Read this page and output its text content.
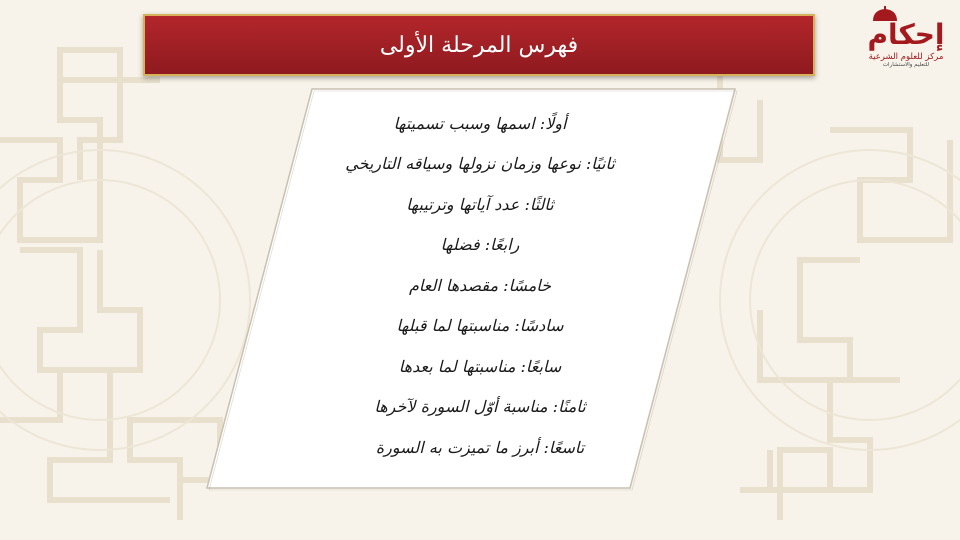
فهرس المرحلة الأولى
أولًا: اسمها وسبب تسميتها
ثانيًا: نوعها وزمان نزولها وسياقه التاريخي
ثالثًا: عدد آياتها وترتيبها
رابعًا: فضلها
خامسًا: مقصدها العام
سادسًا: مناسبتها لما قبلها
سابعًا: مناسبتها لما بعدها
ثامنًا: مناسبة أوّل السورة لآخرها
تاسعًا: أبرز ما تميزت به السورة
إحكام
مركز للعلوم الشرعية
للتعليم والاستشارات
